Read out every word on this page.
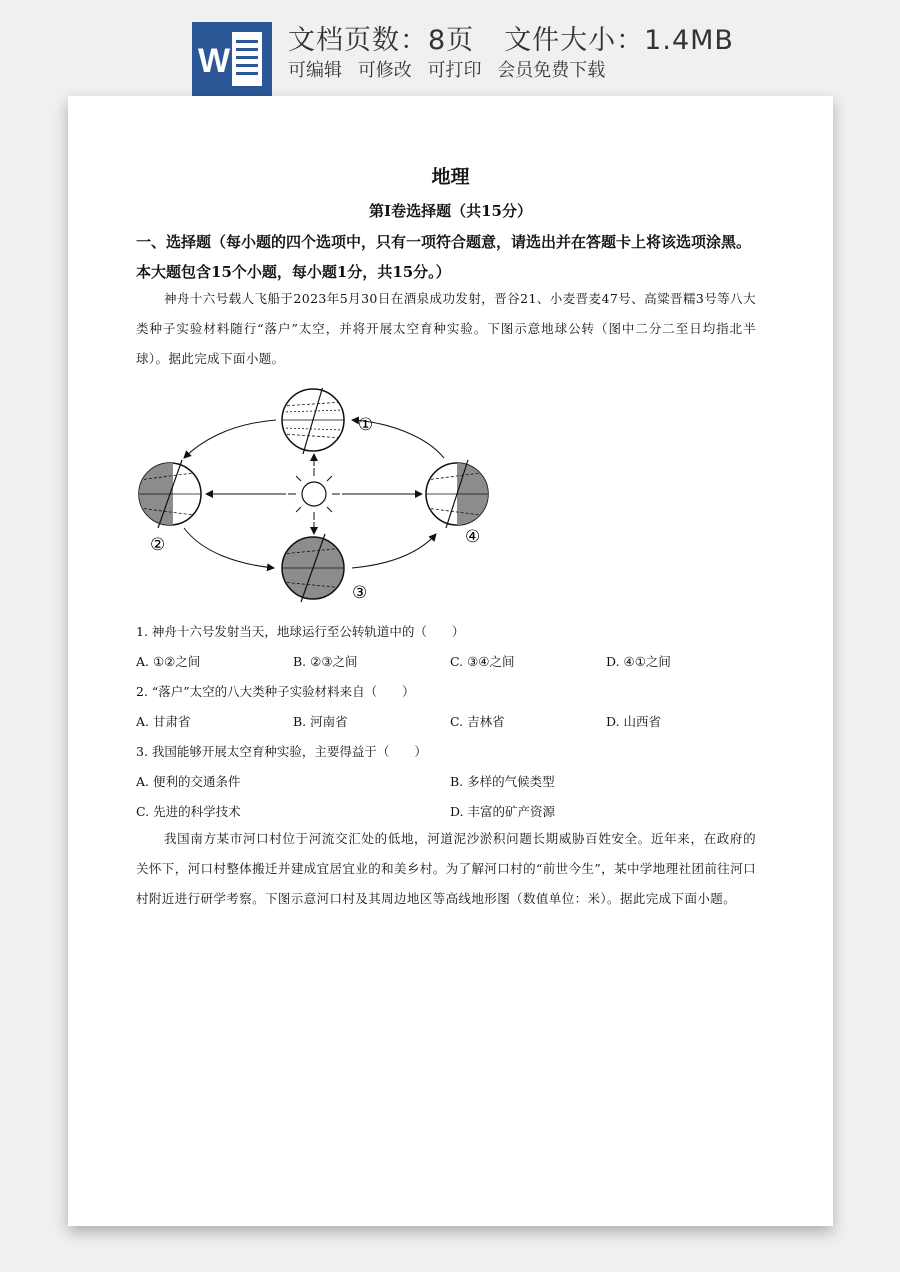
W
文档页数：8页 文件大小：1.4MB
可编辑 可修改 可打印 会员免费下载
地理
第Ⅰ卷选择题（共15分）
一、选择题（每小题的四个选项中，只有一项符合题意，请选出并在答题卡上将该选项涂黑。本大题包含15个小题，每小题1分，共15分。）
神舟十六号载人飞船于2023年5月30日在酒泉成功发射，晋谷21、小麦晋麦47号、高粱晋糯3号等八大类种子实验材料随行“落户”太空，并将开展太空育种实验。下图示意地球公转（图中二分二至日均指北半球）。据此完成下面小题。
①
②
③
④
1. 神舟十六号发射当天，地球运行至公转轨道中的（　　）
A. ①②之间	B. ②③之间	C. ③④之间	D. ④①之间
2. “落户”太空的八大类种子实验材料来自（　　）
A. 甘肃省	B. 河南省	C. 吉林省	D. 山西省
3. 我国能够开展太空育种实验，主要得益于（　　）
A. 便利的交通条件	B. 多样的气候类型
C. 先进的科学技术	D. 丰富的矿产资源
我国南方某市河口村位于河流交汇处的低地，河道泥沙淤积问题长期威胁百姓安全。近年来，在政府的关怀下，河口村整体搬迁并建成宜居宜业的和美乡村。为了解河口村的“前世今生”，某中学地理社团前往河口村附近进行研学考察。下图示意河口村及其周边地区等高线地形图（数值单位：米）。据此完成下面小题。
